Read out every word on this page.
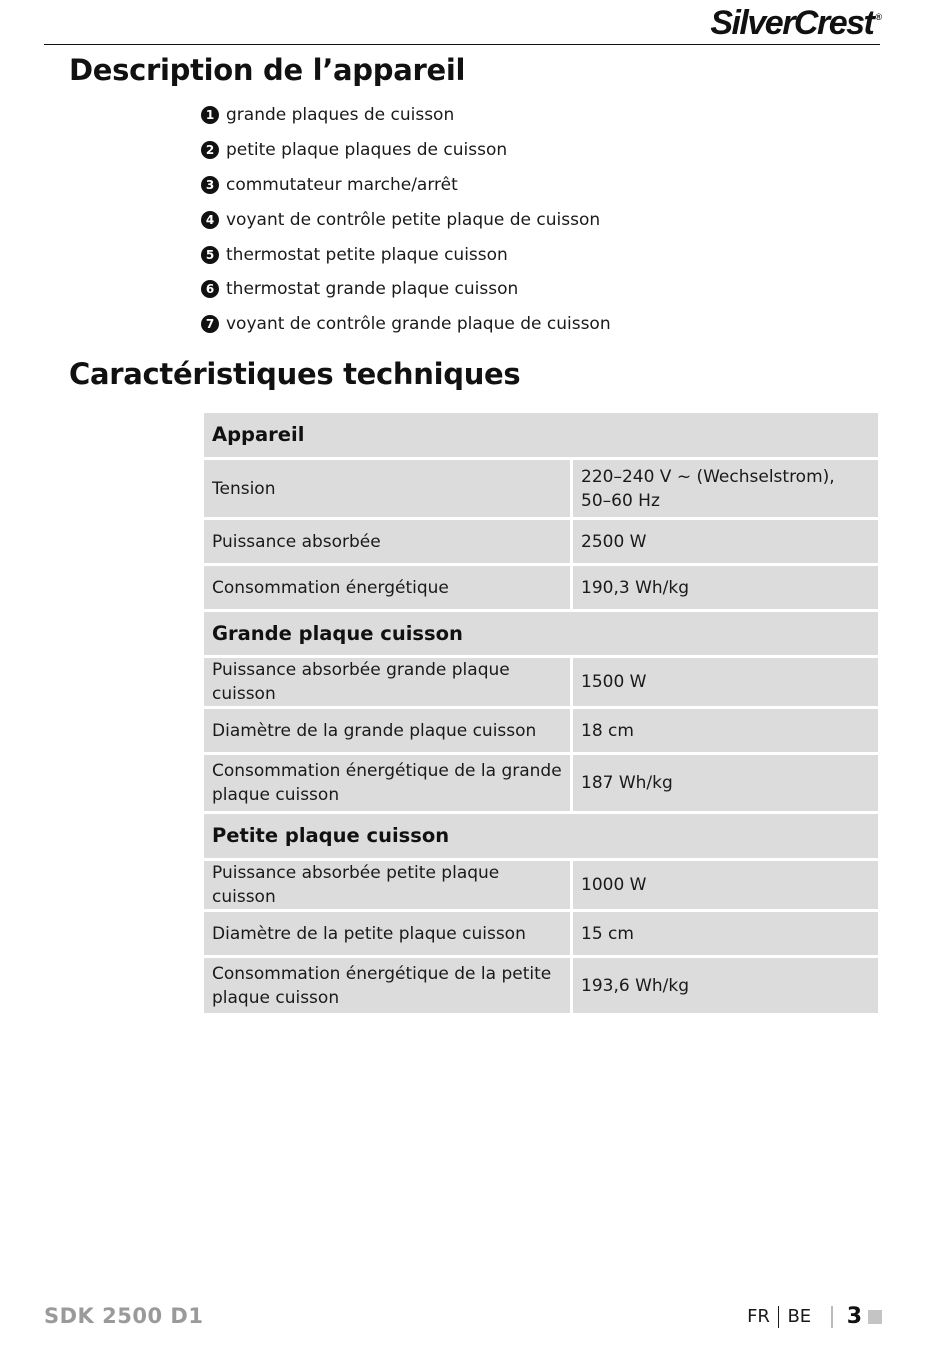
SilverCrest ®
Description de l’appareil
1 grande plaques de cuisson
2 petite plaque plaques de cuisson
3 commutateur marche/arrêt
4 voyant de contrôle petite plaque de cuisson
5 thermostat petite plaque cuisson
6 thermostat grande plaque cuisson
7 voyant de contrôle grande plaque de cuisson
Caractéristiques techniques
Appareil	
Tension	220–240 V ~ (Wechselstrom),
50–60 Hz
Puissance absorbée	2500 W
Consommation énergétique	190,3 Wh/kg
Grande plaque cuisson	
Puissance absorbée grande plaque cuisson	1500 W
Diamètre de la grande plaque cuisson	18 cm
Consommation énergétique de la grande plaque cuisson	187 Wh/kg
Petite plaque cuisson	
Puissance absorbée petite plaque cuisson	1000 W
Diamètre de la petite plaque cuisson	15 cm
Consommation énergétique de la petite plaque cuisson	193,6 Wh/kg
SDK 2500 D1	FR BE 3
